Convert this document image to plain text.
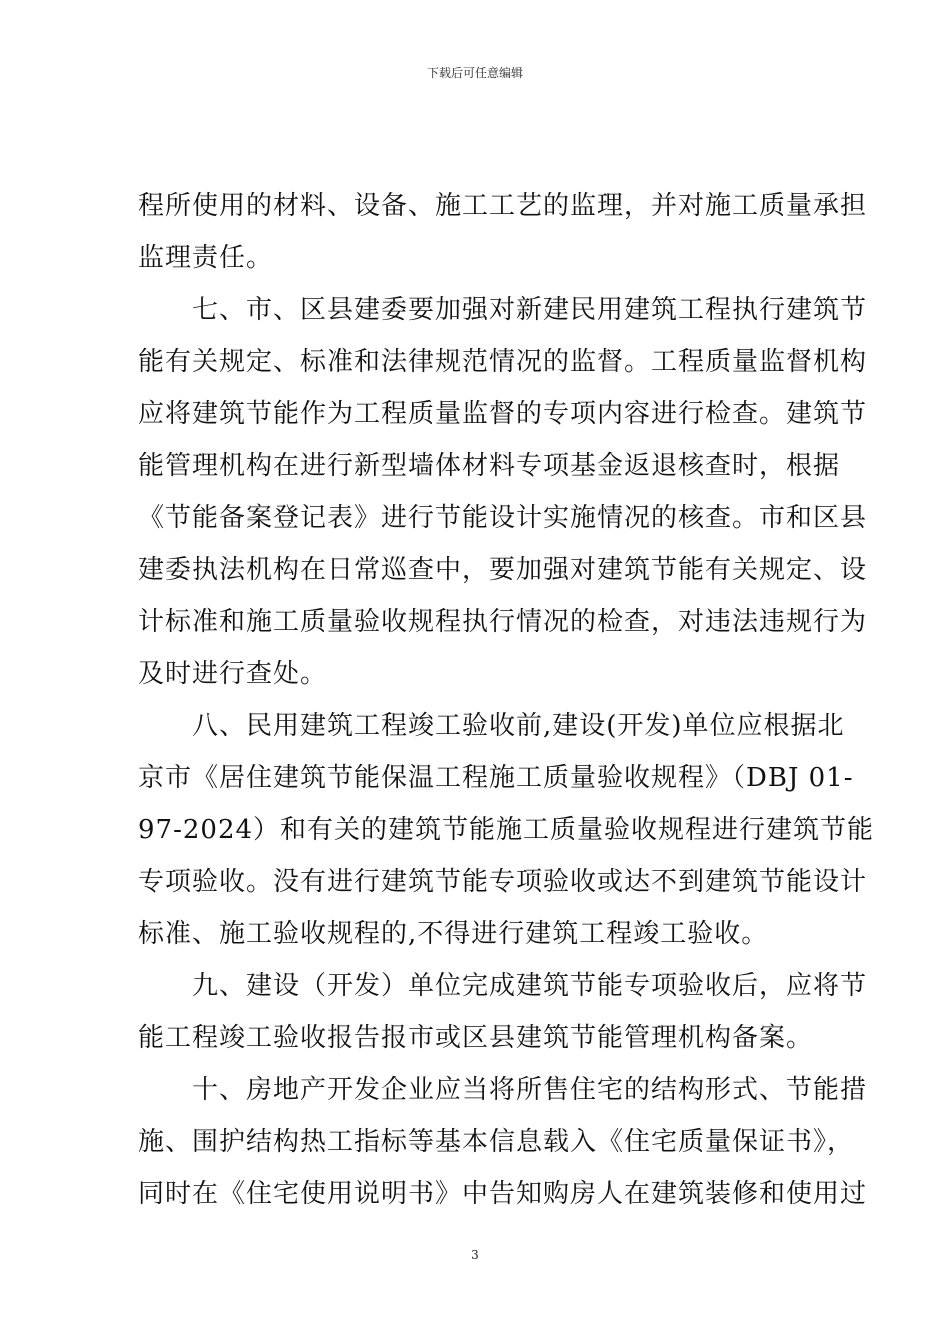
下载后可任意编辑
程所使用的材料、设备、施工工艺的监理，并对施工质量承担
监理责任。
七、市、区县建委要加强对新建民用建筑工程执行建筑节
能有关规定、标准和法律规范情况的监督。工程质量监督机构
应将建筑节能作为工程质量监督的专项内容进行检查。建筑节
能管理机构在进行新型墙体材料专项基金返退核查时，根据
《节能备案登记表》进行节能设计实施情况的核查。市和区县
建委执法机构在日常巡查中，要加强对建筑节能有关规定、设
计标准和施工质量验收规程执行情况的检查，对违法违规行为
及时进行查处。
八、民用建筑工程竣工验收前,建设(开发)单位应根据北
京市《居住建筑节能保温工程施工质量验收规程》（DBJ 01-
97-2024）和有关的建筑节能施工质量验收规程进行建筑节能
专项验收。没有进行建筑节能专项验收或达不到建筑节能设计
标准、施工验收规程的,不得进行建筑工程竣工验收。
九、建设（开发）单位完成建筑节能专项验收后，应将节
能工程竣工验收报告报市或区县建筑节能管理机构备案。
十、房地产开发企业应当将所售住宅的结构形式、节能措
施、围护结构热工指标等基本信息载入《住宅质量保证书》，
同时在《住宅使用说明书》中告知购房人在建筑装修和使用过
3
